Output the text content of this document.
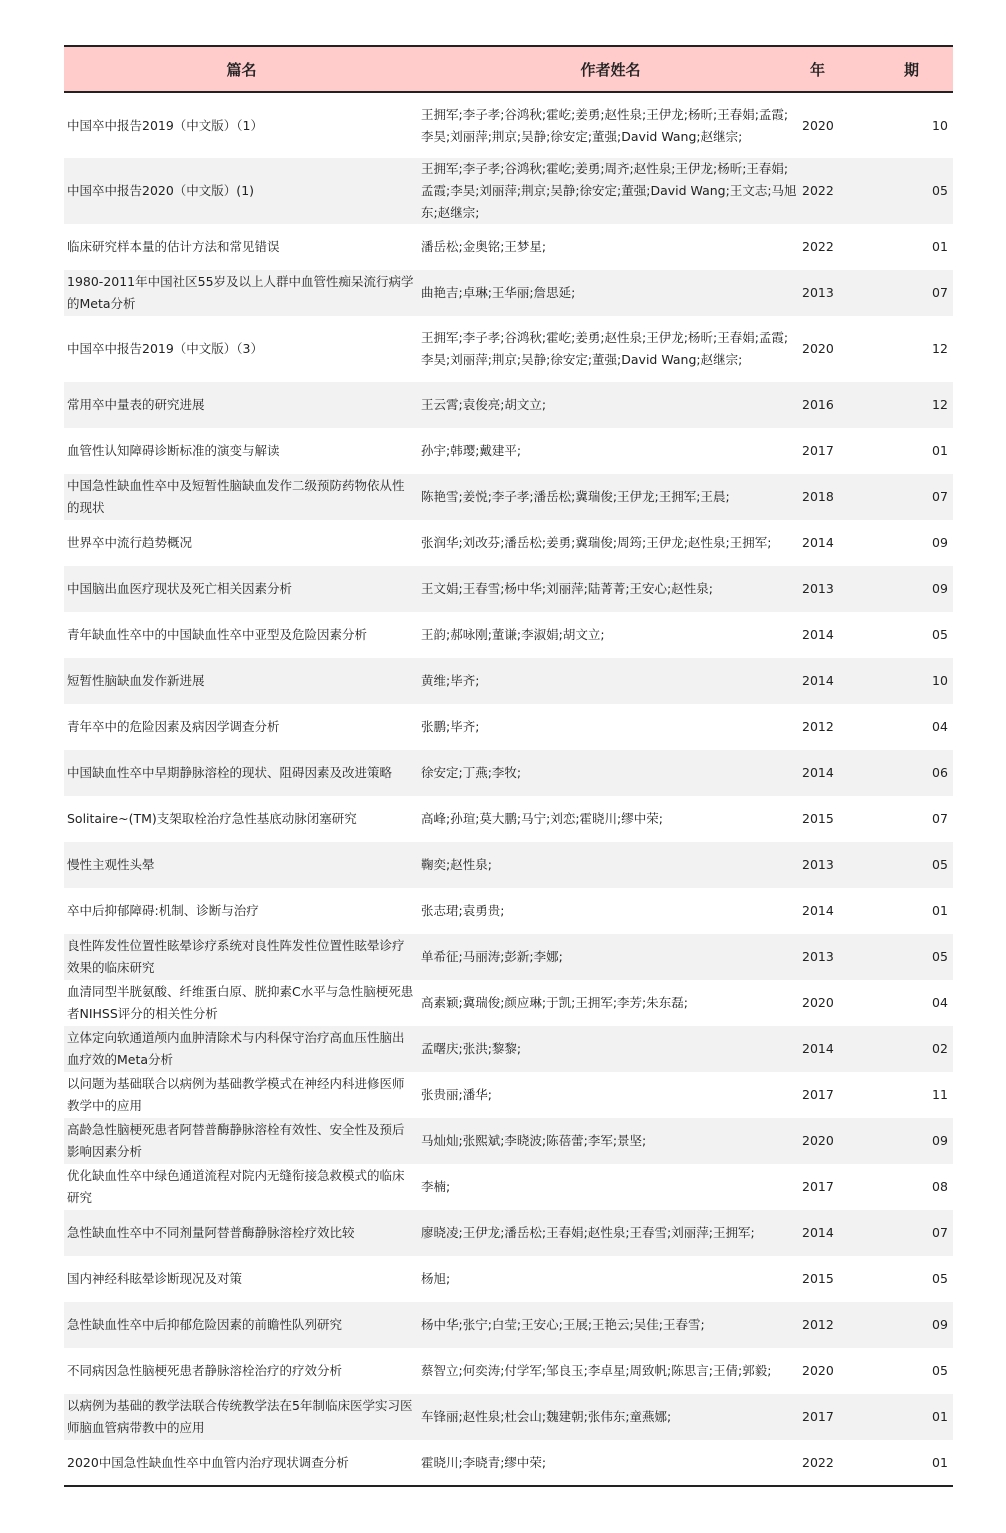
篇名	作者姓名	年	期
中国卒中报告2019（中文版）（1）	王拥军;李子孝;谷鸿秋;霍屹;姜勇;赵性泉;王伊龙;杨昕;王春娟;孟霞;李昊;刘丽萍;荆京;吴静;徐安定;董强;David Wang;赵继宗;	2020	10
中国卒中报告2020（中文版）(1)	王拥军;李子孝;谷鸿秋;霍屹;姜勇;周齐;赵性泉;王伊龙;杨昕;王春娟;孟霞;李昊;刘丽萍;荆京;吴静;徐安定;董强;David Wang;王文志;马旭东;赵继宗;	2022	05
临床研究样本量的估计方法和常见错误	潘岳松;金奥铭;王梦星;	2022	01
1980-2011年中国社区55岁及以上人群中血管性痴呆流行病学的Meta分析	曲艳吉;卓琳;王华丽;詹思延;	2013	07
中国卒中报告2019（中文版）（3）	王拥军;李子孝;谷鸿秋;霍屹;姜勇;赵性泉;王伊龙;杨昕;王春娟;孟霞;李昊;刘丽萍;荆京;吴静;徐安定;董强;David Wang;赵继宗;	2020	12
常用卒中量表的研究进展	王云霄;袁俊亮;胡文立;	2016	12
血管性认知障碍诊断标准的演变与解读	孙宇;韩璎;戴建平;	2017	01
中国急性缺血性卒中及短暂性脑缺血发作二级预防药物依从性的现状	陈艳雪;姜悦;李子孝;潘岳松;冀瑞俊;王伊龙;王拥军;王晨;	2018	07
世界卒中流行趋势概况	张润华;刘改芬;潘岳松;姜勇;冀瑞俊;周筠;王伊龙;赵性泉;王拥军;	2014	09
中国脑出血医疗现状及死亡相关因素分析	王文娟;王春雪;杨中华;刘丽萍;陆菁菁;王安心;赵性泉;	2013	09
青年缺血性卒中的中国缺血性卒中亚型及危险因素分析	王韵;郝咏刚;董谦;李淑娟;胡文立;	2014	05
短暂性脑缺血发作新进展	黄维;毕齐;	2014	10
青年卒中的危险因素及病因学调查分析	张鹏;毕齐;	2012	04
中国缺血性卒中早期静脉溶栓的现状、阻碍因素及改进策略	徐安定;丁燕;李牧;	2014	06
Solitaire~(TM)支架取栓治疗急性基底动脉闭塞研究	高峰;孙瑄;莫大鹏;马宁;刘恋;霍晓川;缪中荣;	2015	07
慢性主观性头晕	鞠奕;赵性泉;	2013	05
卒中后抑郁障碍:机制、诊断与治疗	张志珺;袁勇贵;	2014	01
良性阵发性位置性眩晕诊疗系统对良性阵发性位置性眩晕诊疗效果的临床研究	单希征;马丽涛;彭新;李娜;	2013	05
血清同型半胱氨酸、纤维蛋白原、胱抑素C水平与急性脑梗死患者NIHSS评分的相关性分析	高素颖;冀瑞俊;颜应琳;于凯;王拥军;李芳;朱东磊;	2020	04
立体定向软通道颅内血肿清除术与内科保守治疗高血压性脑出血疗效的Meta分析	孟曙庆;张洪;黎黎;	2014	02
以问题为基础联合以病例为基础教学模式在神经内科进修医师教学中的应用	张贵丽;潘华;	2017	11
高龄急性脑梗死患者阿替普酶静脉溶栓有效性、安全性及预后影响因素分析	马灿灿;张熙斌;李晓波;陈蓓蕾;李军;景坚;	2020	09
优化缺血性卒中绿色通道流程对院内无缝衔接急救模式的临床研究	李楠;	2017	08
急性缺血性卒中不同剂量阿替普酶静脉溶栓疗效比较	廖晓凌;王伊龙;潘岳松;王春娟;赵性泉;王春雪;刘丽萍;王拥军;	2014	07
国内神经科眩晕诊断现况及对策	杨旭;	2015	05
急性缺血性卒中后抑郁危险因素的前瞻性队列研究	杨中华;张宁;白莹;王安心;王展;王艳云;吴佳;王春雪;	2012	09
不同病因急性脑梗死患者静脉溶栓治疗的疗效分析	蔡智立;何奕涛;付学军;邹良玉;李卓星;周致帆;陈思言;王倩;郭毅;	2020	05
以病例为基础的教学法联合传统教学法在5年制临床医学实习医师脑血管病带教中的应用	车锋丽;赵性泉;杜会山;魏建朝;张伟东;童燕娜;	2017	01
2020中国急性缺血性卒中血管内治疗现状调查分析	霍晓川;李晓青;缪中荣;	2022	01
